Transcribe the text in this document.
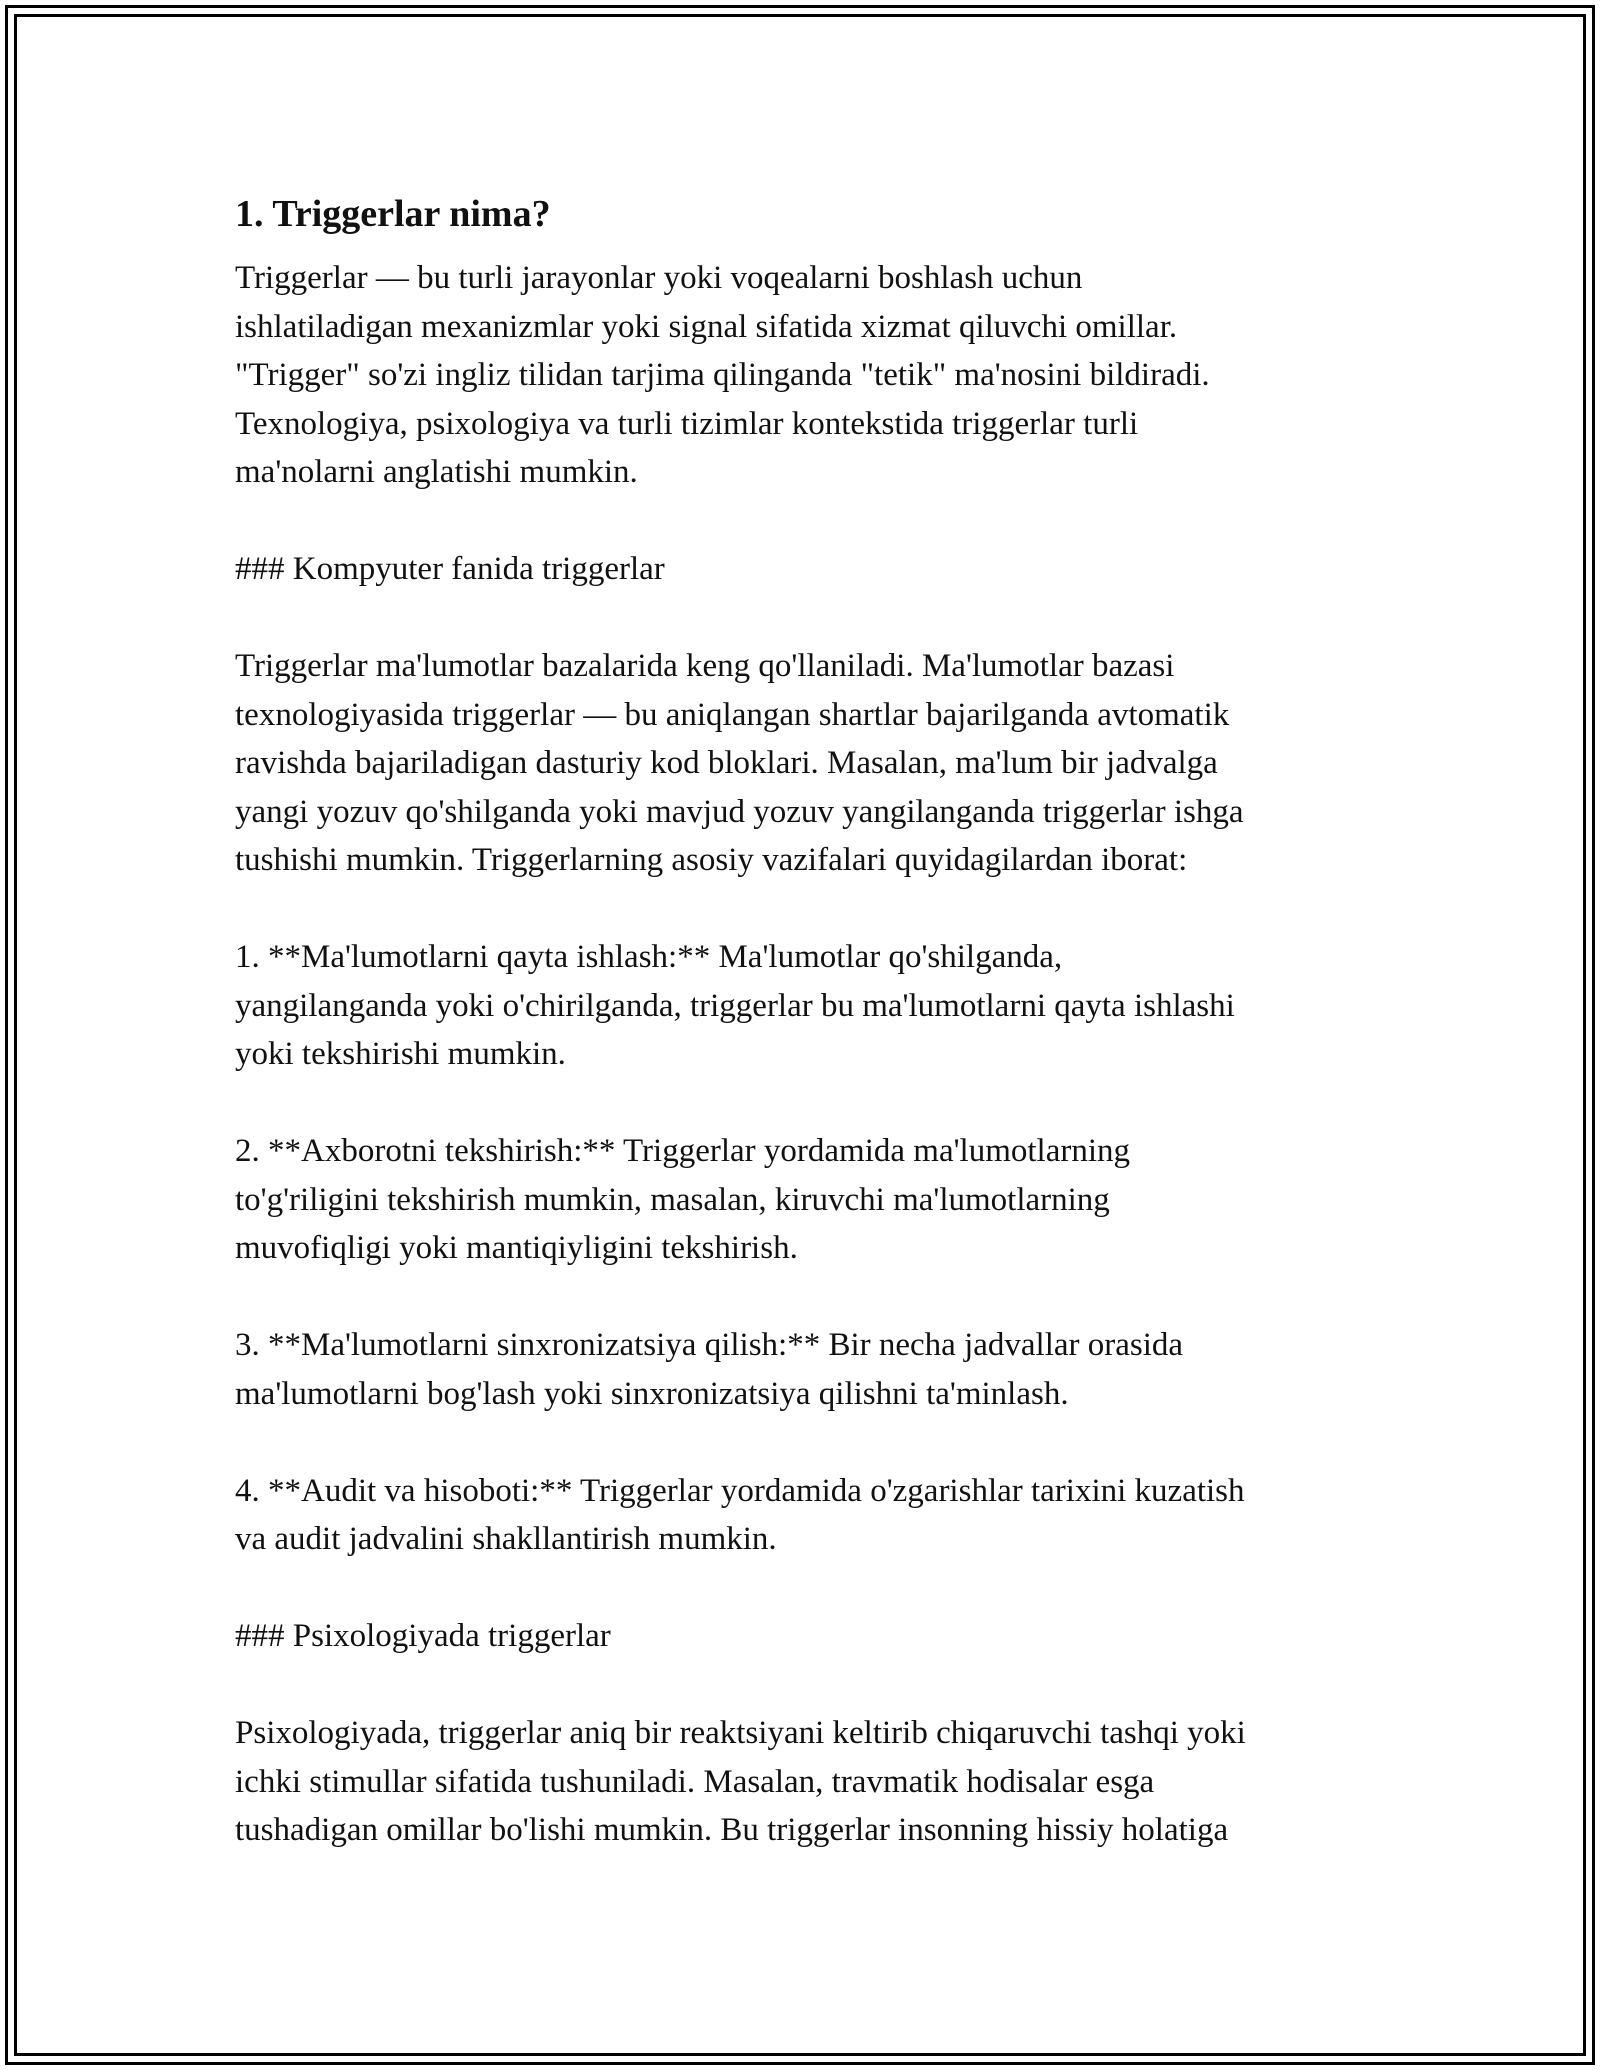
1. Triggerlar nima?
Triggerlar — bu turli jarayonlar yoki voqealarni boshlash uchun
ishlatiladigan mexanizmlar yoki signal sifatida xizmat qiluvchi omillar.
"Trigger" so'zi ingliz tilidan tarjima qilinganda "tetik" ma'nosini bildiradi.
Texnologiya, psixologiya va turli tizimlar kontekstida triggerlar turli
ma'nolarni anglatishi mumkin.
### Kompyuter fanida triggerlar
Triggerlar ma'lumotlar bazalarida keng qo'llaniladi. Ma'lumotlar bazasi
texnologiyasida triggerlar — bu aniqlangan shartlar bajarilganda avtomatik
ravishda bajariladigan dasturiy kod bloklari. Masalan, ma'lum bir jadvalga
yangi yozuv qo'shilganda yoki mavjud yozuv yangilanganda triggerlar ishga
tushishi mumkin. Triggerlarning asosiy vazifalari quyidagilardan iborat:
1. **Ma'lumotlarni qayta ishlash:** Ma'lumotlar qo'shilganda,
yangilanganda yoki o'chirilganda, triggerlar bu ma'lumotlarni qayta ishlashi
yoki tekshirishi mumkin.
2. **Axborotni tekshirish:** Triggerlar yordamida ma'lumotlarning
to'g'riligini tekshirish mumkin, masalan, kiruvchi ma'lumotlarning
muvofiqligi yoki mantiqiyligini tekshirish.
3. **Ma'lumotlarni sinxronizatsiya qilish:** Bir necha jadvallar orasida
ma'lumotlarni bog'lash yoki sinxronizatsiya qilishni ta'minlash.
4. **Audit va hisoboti:** Triggerlar yordamida o'zgarishlar tarixini kuzatish
va audit jadvalini shakllantirish mumkin.
### Psixologiyada triggerlar
Psixologiyada, triggerlar aniq bir reaktsiyani keltirib chiqaruvchi tashqi yoki
ichki stimullar sifatida tushuniladi. Masalan, travmatik hodisalar esga
tushadigan omillar bo'lishi mumkin. Bu triggerlar insonning hissiy holatiga
